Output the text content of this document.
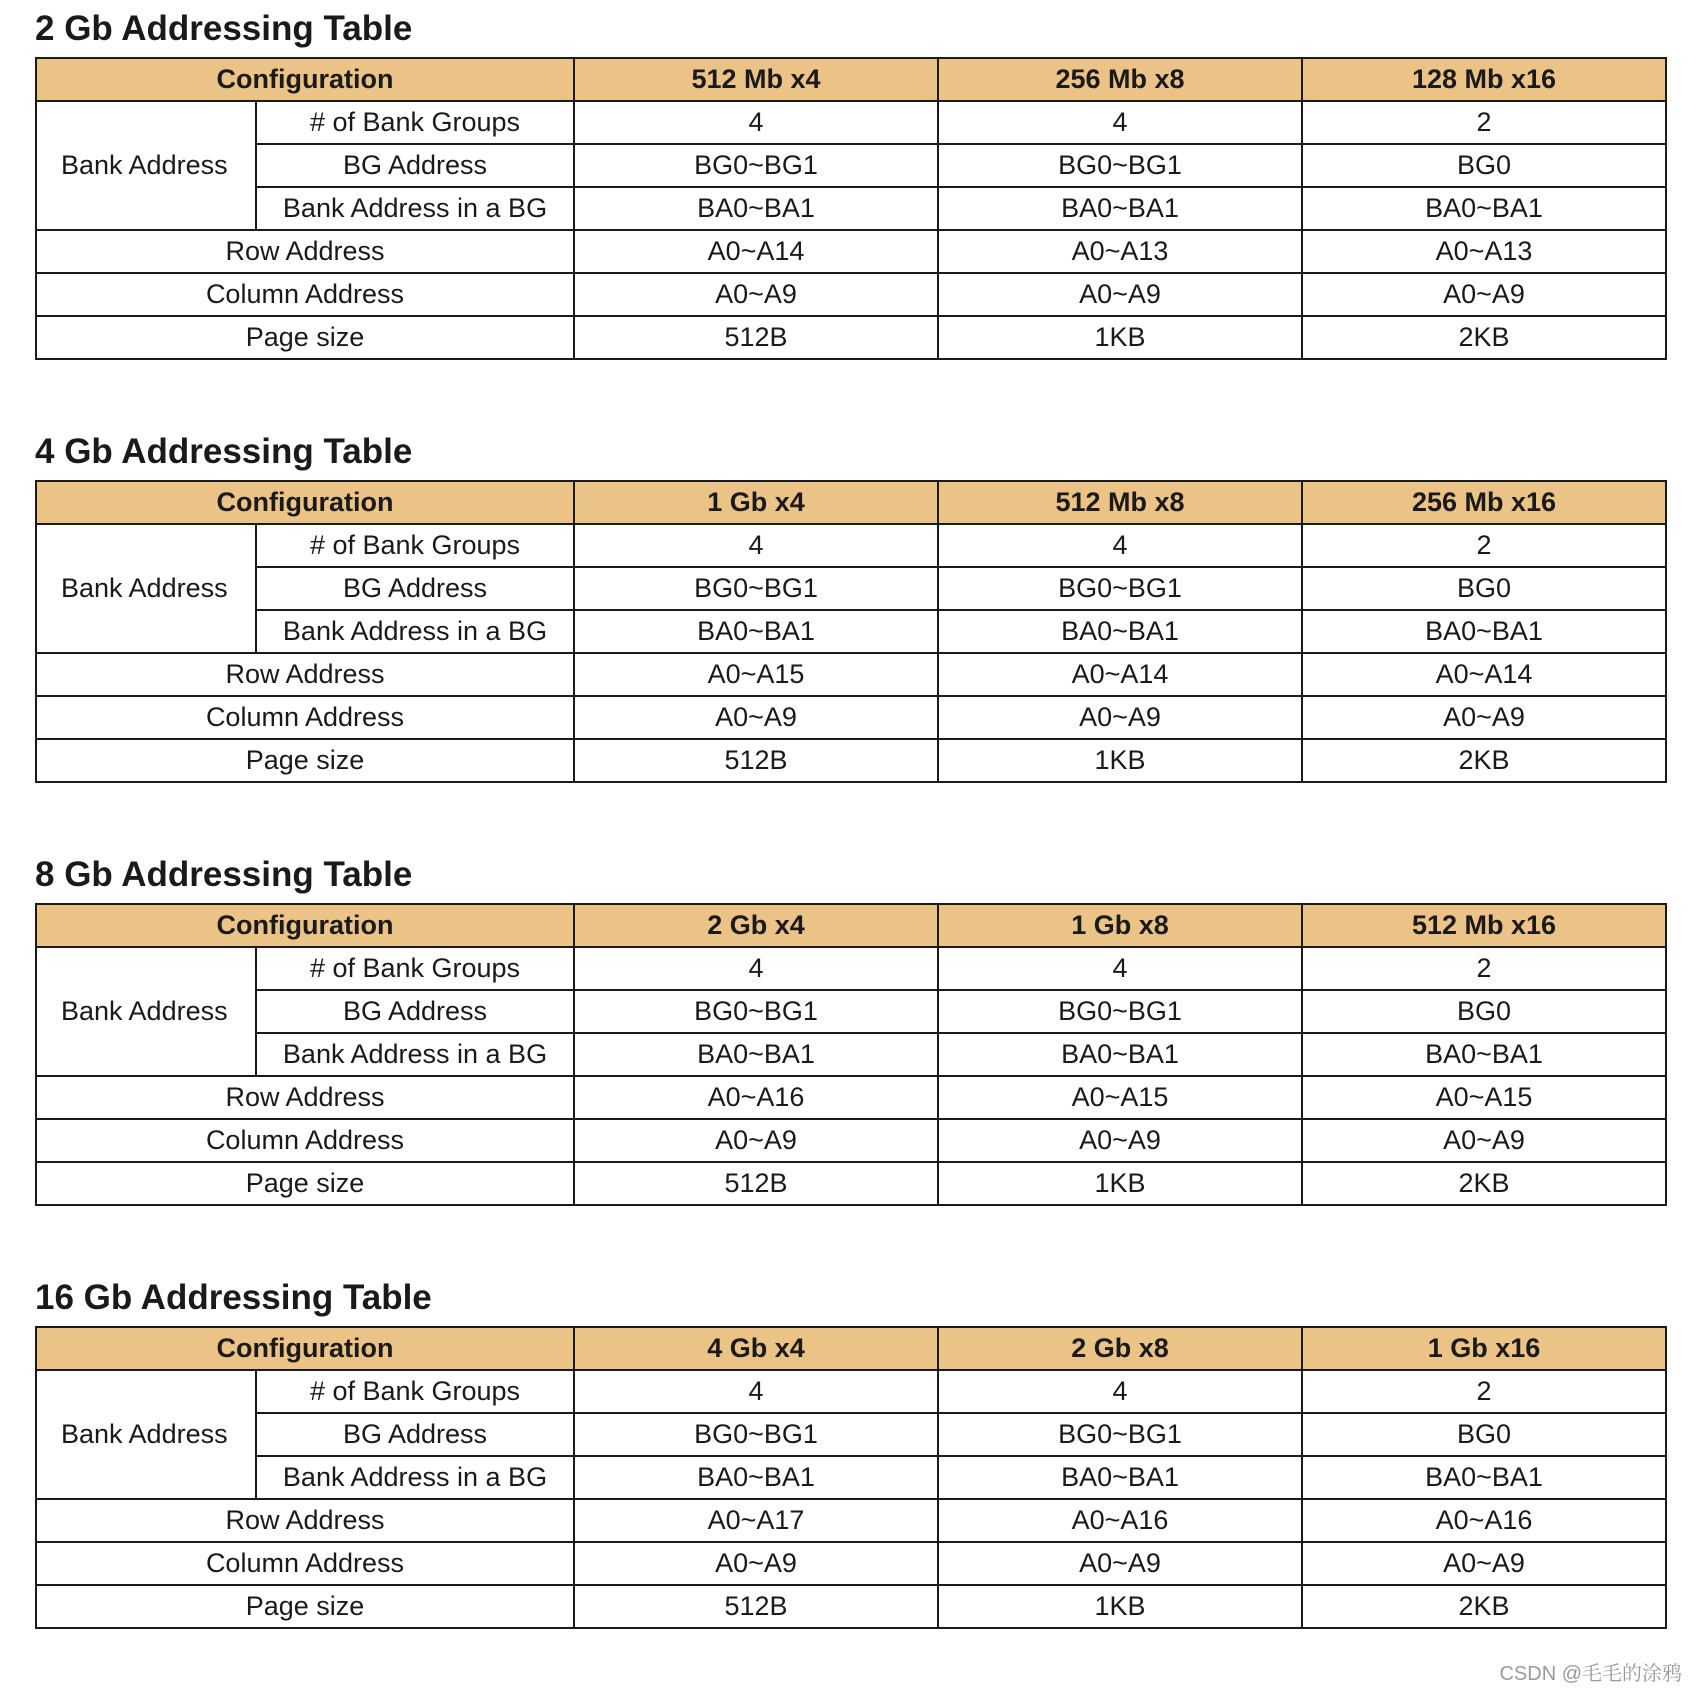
2 Gb Addressing Table
Configuration		512 Mb x4	256 Mb x8	128 Mb x16
Bank Address	# of Bank Groups	4	4	2
	BG Address	BG0~BG1	BG0~BG1	BG0
	Bank Address in a BG	BA0~BA1	BA0~BA1	BA0~BA1
Row Address		A0~A14	A0~A13	A0~A13
Column Address		A0~A9	A0~A9	A0~A9
Page size		512B	1KB	2KB
4 Gb Addressing Table
Configuration		1 Gb x4	512 Mb x8	256 Mb x16
Bank Address	# of Bank Groups	4	4	2
	BG Address	BG0~BG1	BG0~BG1	BG0
	Bank Address in a BG	BA0~BA1	BA0~BA1	BA0~BA1
Row Address		A0~A15	A0~A14	A0~A14
Column Address		A0~A9	A0~A9	A0~A9
Page size		512B	1KB	2KB
8 Gb Addressing Table
Configuration		2 Gb x4	1 Gb x8	512 Mb x16
Bank Address	# of Bank Groups	4	4	2
	BG Address	BG0~BG1	BG0~BG1	BG0
	Bank Address in a BG	BA0~BA1	BA0~BA1	BA0~BA1
Row Address		A0~A16	A0~A15	A0~A15
Column Address		A0~A9	A0~A9	A0~A9
Page size		512B	1KB	2KB
16 Gb Addressing Table
Configuration		4 Gb x4	2 Gb x8	1 Gb x16
Bank Address	# of Bank Groups	4	4	2
	BG Address	BG0~BG1	BG0~BG1	BG0
	Bank Address in a BG	BA0~BA1	BA0~BA1	BA0~BA1
Row Address		A0~A17	A0~A16	A0~A16
Column Address		A0~A9	A0~A9	A0~A9
Page size		512B	1KB	2KB
CSDN @毛毛的涂鸦
